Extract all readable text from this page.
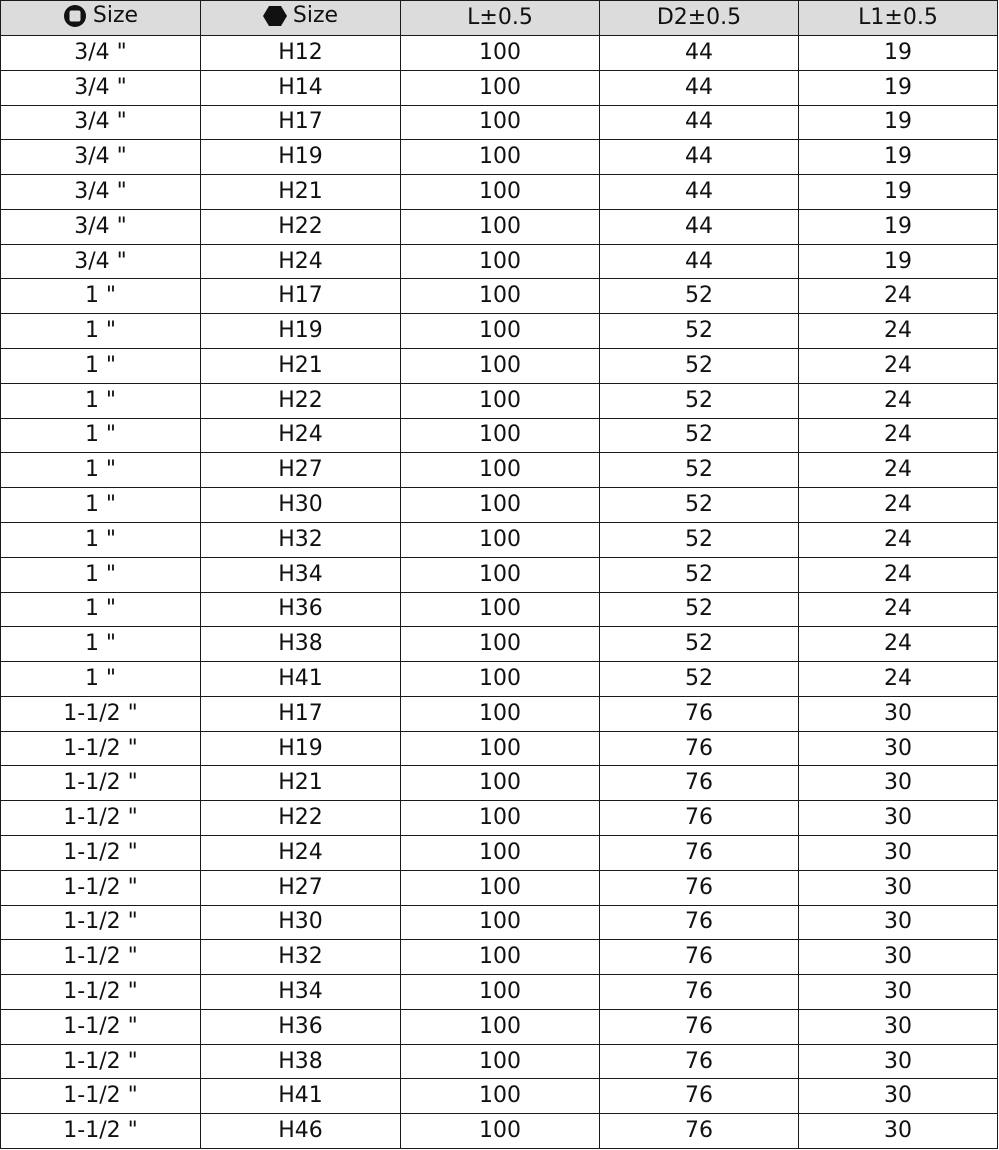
Size	Size	L±0.5	D2±0.5	L1±0.5
3/4 "	H12	100	44	19
3/4 "	H14	100	44	19
3/4 "	H17	100	44	19
3/4 "	H19	100	44	19
3/4 "	H21	100	44	19
3/4 "	H22	100	44	19
3/4 "	H24	100	44	19
1 "	H17	100	52	24
1 "	H19	100	52	24
1 "	H21	100	52	24
1 "	H22	100	52	24
1 "	H24	100	52	24
1 "	H27	100	52	24
1 "	H30	100	52	24
1 "	H32	100	52	24
1 "	H34	100	52	24
1 "	H36	100	52	24
1 "	H38	100	52	24
1 "	H41	100	52	24
1-1/2 "	H17	100	76	30
1-1/2 "	H19	100	76	30
1-1/2 "	H21	100	76	30
1-1/2 "	H22	100	76	30
1-1/2 "	H24	100	76	30
1-1/2 "	H27	100	76	30
1-1/2 "	H30	100	76	30
1-1/2 "	H32	100	76	30
1-1/2 "	H34	100	76	30
1-1/2 "	H36	100	76	30
1-1/2 "	H38	100	76	30
1-1/2 "	H41	100	76	30
1-1/2 "	H46	100	76	30
